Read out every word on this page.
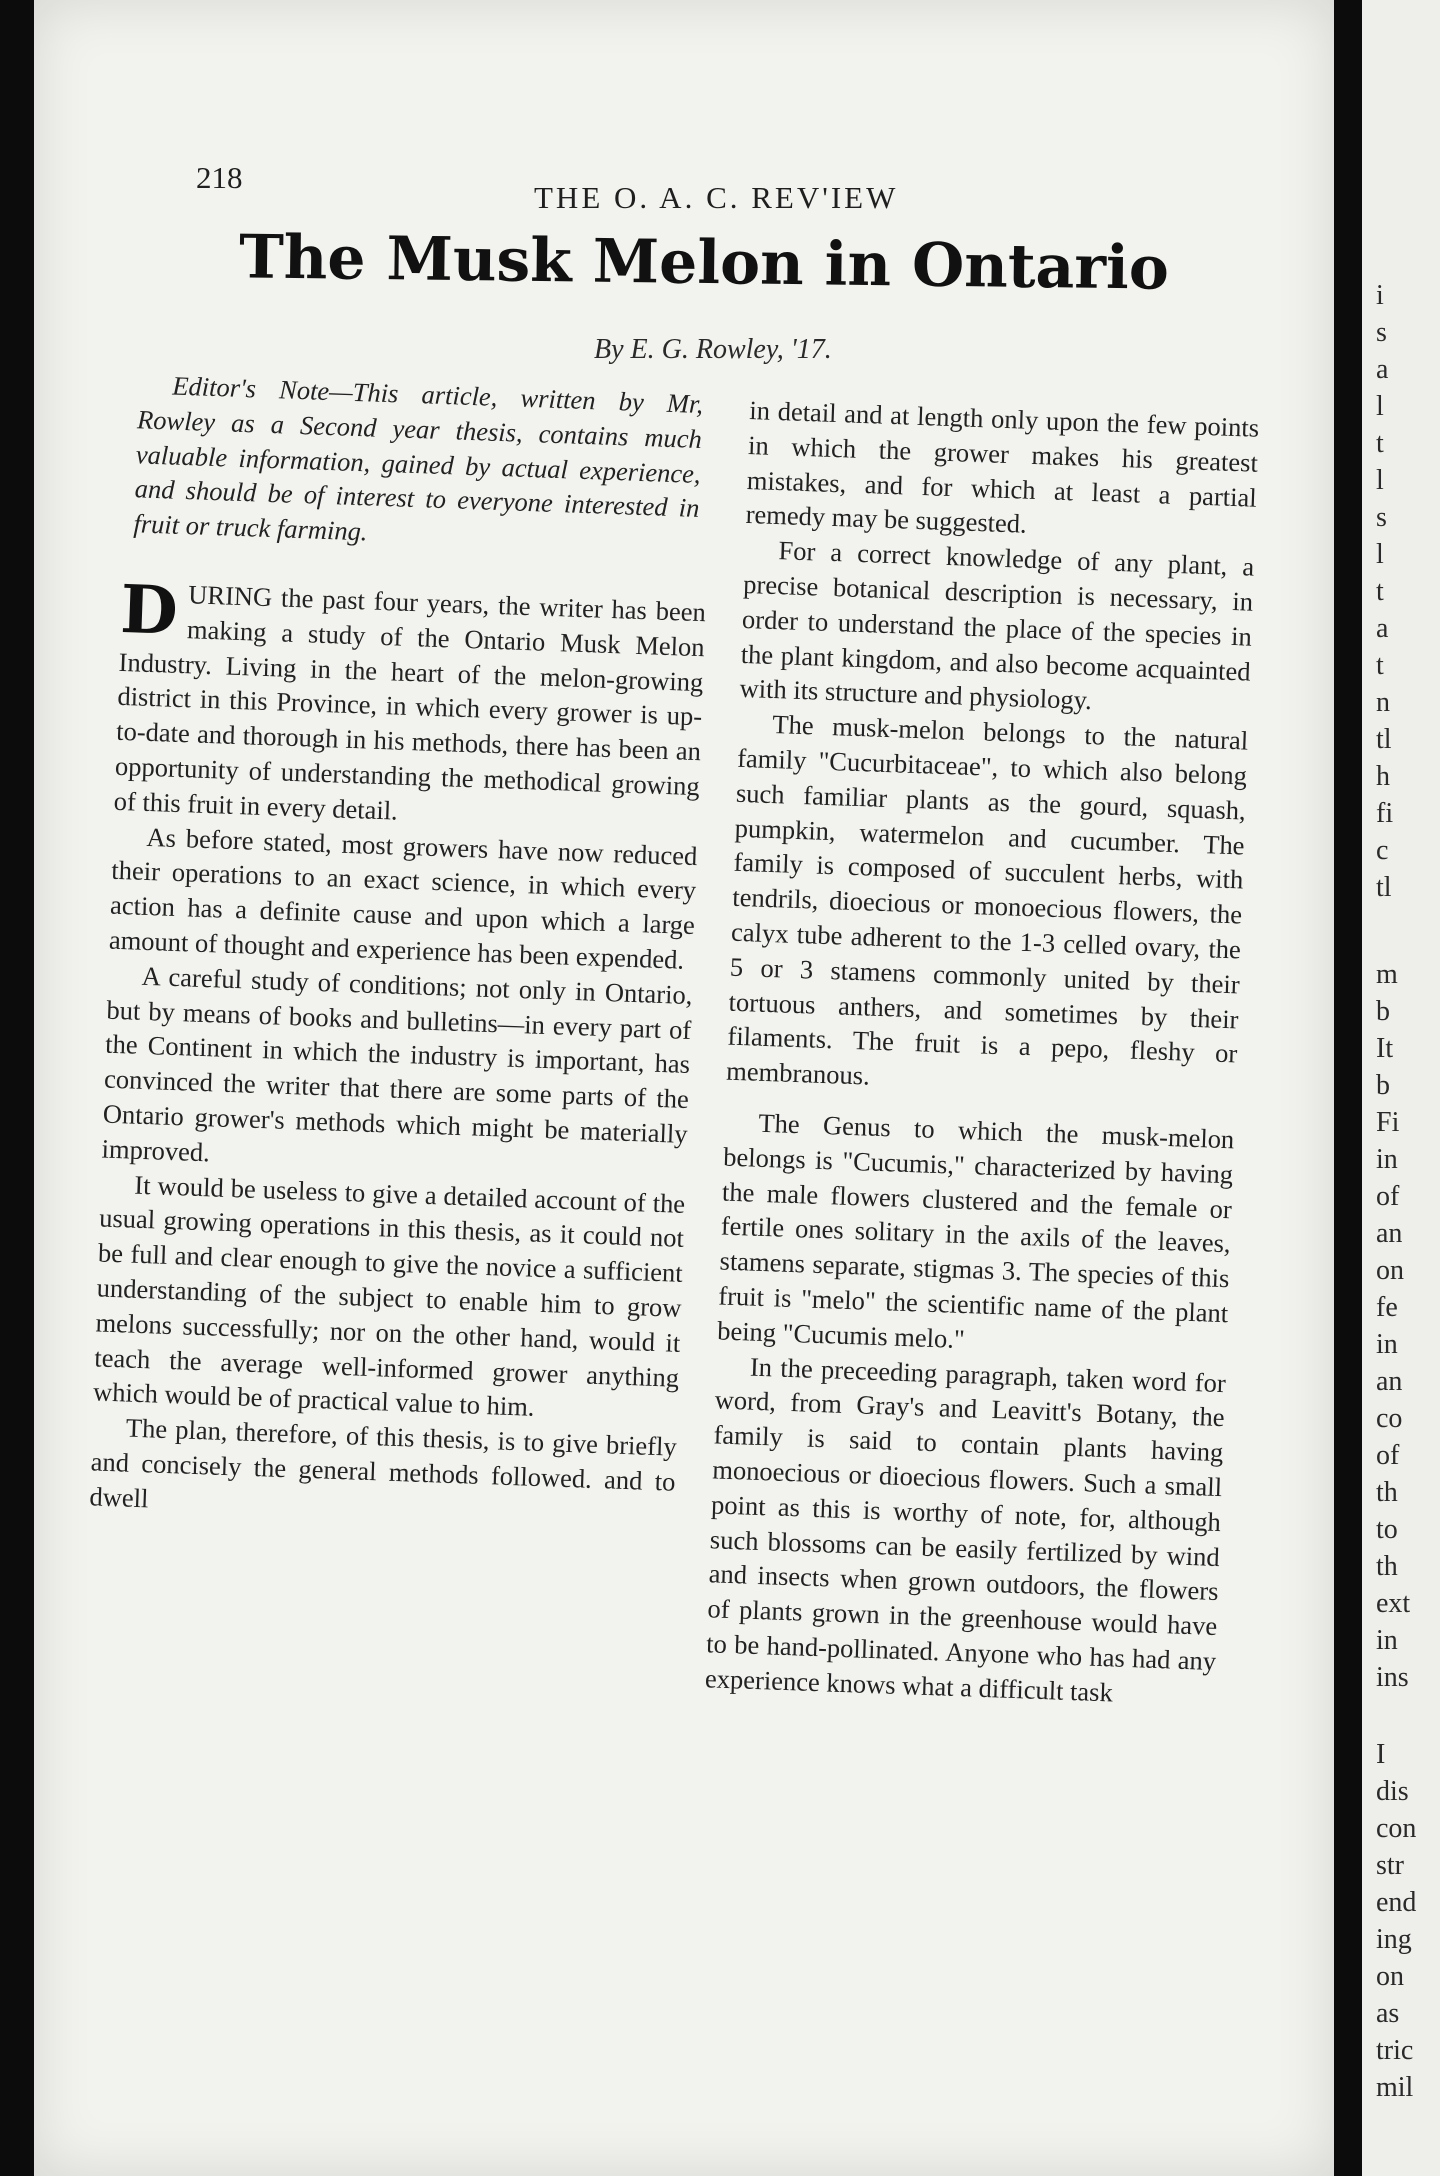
i
s
a
l
t
l
s
l
t
a
t
n
tl
h
fi
c
tl
m
b
It
b
Fi
in
of
an
on
fe
in
an
co
of
th
to
th
ext
in
ins
I
dis
con
str
end
ing
on
as
tric
mil
218
THE O. A. C. REV'IEW
The Musk Melon in Ontario
By E. G. Rowley, '17.

Editor's Note—This article, written by Mr, Rowley as a Second year thesis, contains much valuable information, gained by actual experience, and should be of interest to everyone interested in fruit or truck farming.

DURING the past four years, the writer has been making a study of the Ontario Musk Melon Industry. Living in the heart of the melon-growing district in this Province, in which every grower is up-to-date and thorough in his methods, there has been an opportunity of understanding the methodical growing of this fruit in every detail.

As before stated, most growers have now reduced their operations to an exact science, in which every action has a definite cause and upon which a large amount of thought and experience has been expended.

A careful study of conditions; not only in Ontario, but by means of books and bulletins—in every part of the Continent in which the industry is important, has convinced the writer that there are some parts of the Ontario grower's methods which might be materially improved.

It would be useless to give a detailed account of the usual growing operations in this thesis, as it could not be full and clear enough to give the novice a sufficient understanding of the subject to enable him to grow melons successfully; nor on the other hand, would it teach the average well-informed grower anything which would be of practical value to him.

The plan, therefore, of this thesis, is to give briefly and concisely the general methods followed. and to dwell

in detail and at length only upon the few points in which the grower makes his greatest mistakes, and for which at least a partial remedy may be suggested.

For a correct knowledge of any plant, a precise botanical description is necessary, in order to understand the place of the species in the plant kingdom, and also become acquainted with its structure and physiology.

The musk-melon belongs to the natural family "Cucurbitaceae", to which also belong such familiar plants as the gourd, squash, pumpkin, watermelon and cucumber. The family is composed of succulent herbs, with tendrils, dioecious or monoecious flowers, the calyx tube adherent to the 1-3 celled ovary, the 5 or 3 stamens commonly united by their tortuous anthers, and sometimes by their filaments. The fruit is a pepo, fleshy or membranous.

The Genus to which the musk-melon belongs is "Cucumis," characterized by having the male flowers clustered and the female or fertile ones solitary in the axils of the leaves, stamens separate, stigmas 3. The species of this fruit is "melo" the scientific name of the plant being "Cucumis melo."

In the preceeding paragraph, taken word for word, from Gray's and Leavitt's Botany, the family is said to contain plants having monoecious or dioecious flowers. Such a small point as this is worthy of note, for, although such blossoms can be easily fertilized by wind and insects when grown outdoors, the flowers of plants grown in the greenhouse would have to be hand-pollinated. Anyone who has had any experience knows what a difficult task
